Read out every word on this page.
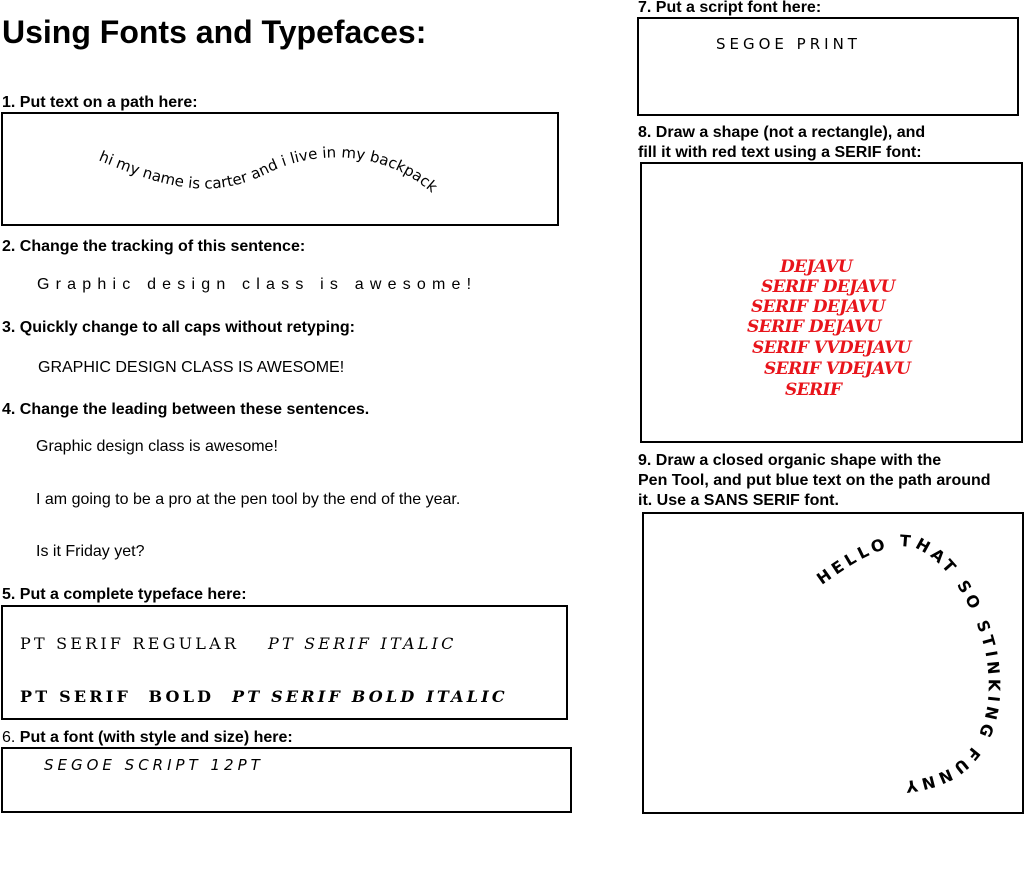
Using Fonts and Typefaces:
1. Put text on a path here:
hi my name is carter and i live in my backpack
2. Change the tracking of this sentence:
Graphic design class is awesome!
3. Quickly change to all caps without retyping:
GRAPHIC DESIGN CLASS IS AWESOME!
4. Change the leading between these sentences.
Graphic design class is awesome!
I am going to be a pro at the pen tool by the end of the year.
Is it Friday yet?
5. Put a complete typeface here:
PT SERIF REGULAR PT SERIF ITALIC
PT SERIF  BOLD PT SERIF BOLD ITALIC
6. Put a font (with style and size) here:
SEGOE SCRIPT 12PT
7. Put a script font here:
SEGOE PRINT
8. Draw a shape (not a rectangle), and
fill it with red text using a SERIF font:
DEJAVU
SERIF DEJAVU
SERIF DEJAVU
SERIF DEJAVU
SERIF VVDEJAVU
SERIF VDEJAVU
SERIF
9. Draw a closed organic shape with the
Pen Tool, and put blue text on the path around
it. Use a SANS SERIF font.
HELLO THAT SO STINKING FUNNY
